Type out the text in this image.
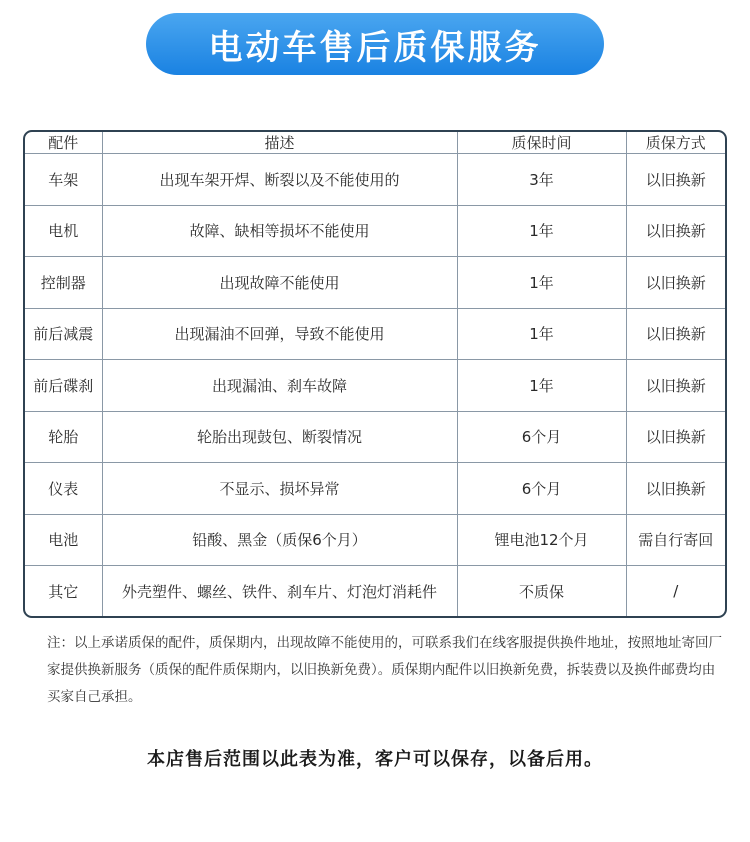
电动车售后质保服务
配件	描述	质保时间	质保方式
车架	出现车架开焊、断裂以及不能使用的	3年	以旧换新
电机	故障、缺相等损坏不能使用	1年	以旧换新
控制器	出现故障不能使用	1年	以旧换新
前后减震	出现漏油不回弹，导致不能使用	1年	以旧换新
前后碟刹	出现漏油、刹车故障	1年	以旧换新
轮胎	轮胎出现鼓包、断裂情况	6个月	以旧换新
仪表	不显示、损坏异常	6个月	以旧换新
电池	铅酸、黑金（质保6个月）	锂电池12个月	需自行寄回
其它	外壳塑件、螺丝、铁件、刹车片、灯泡灯消耗件	不质保	/
注：以上承诺质保的配件，质保期内，出现故障不能使用的，可联系我们在线客服提供换件地址，按照地址寄回厂家提供换新服务（质保的配件质保期内，以旧换新免费）。质保期内配件以旧换新免费，拆装费以及换件邮费均由买家自己承担。
本店售后范围以此表为准，客户可以保存，以备后用。
